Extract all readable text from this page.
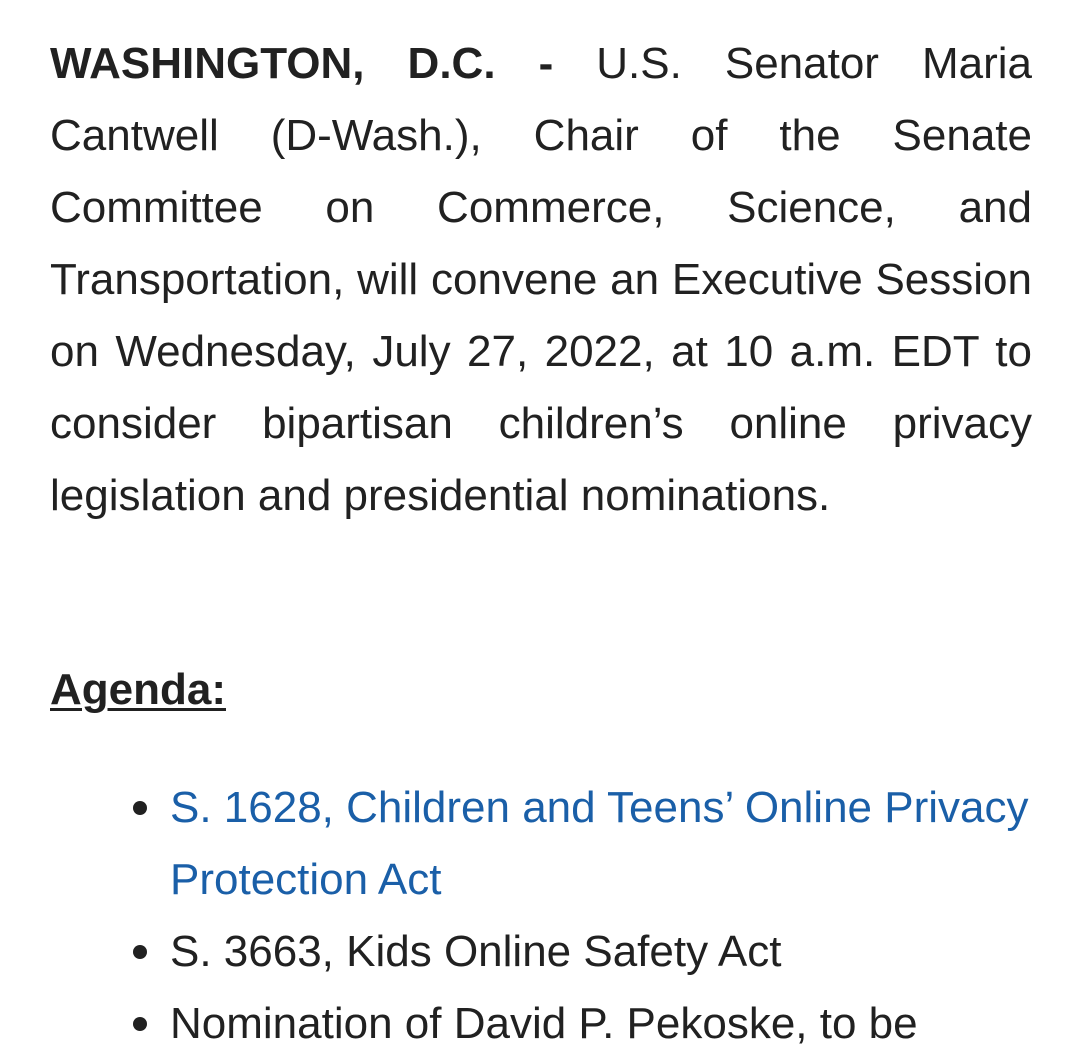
WASHINGTON, D.C. - U.S. Senator Maria Cantwell (D-Wash.), Chair of the Senate Committee on Commerce, Science, and Transportation, will convene an Executive Session on Wednesday, July 27, 2022, at 10 a.m. EDT to consider bipartisan children’s online privacy legislation and presidential nominations.

Agenda:
S. 1628, Children and Teens’ Online Privacy Protection Act
S. 3663, Kids Online Safety Act
Nomination of David P. Pekoske, to be
